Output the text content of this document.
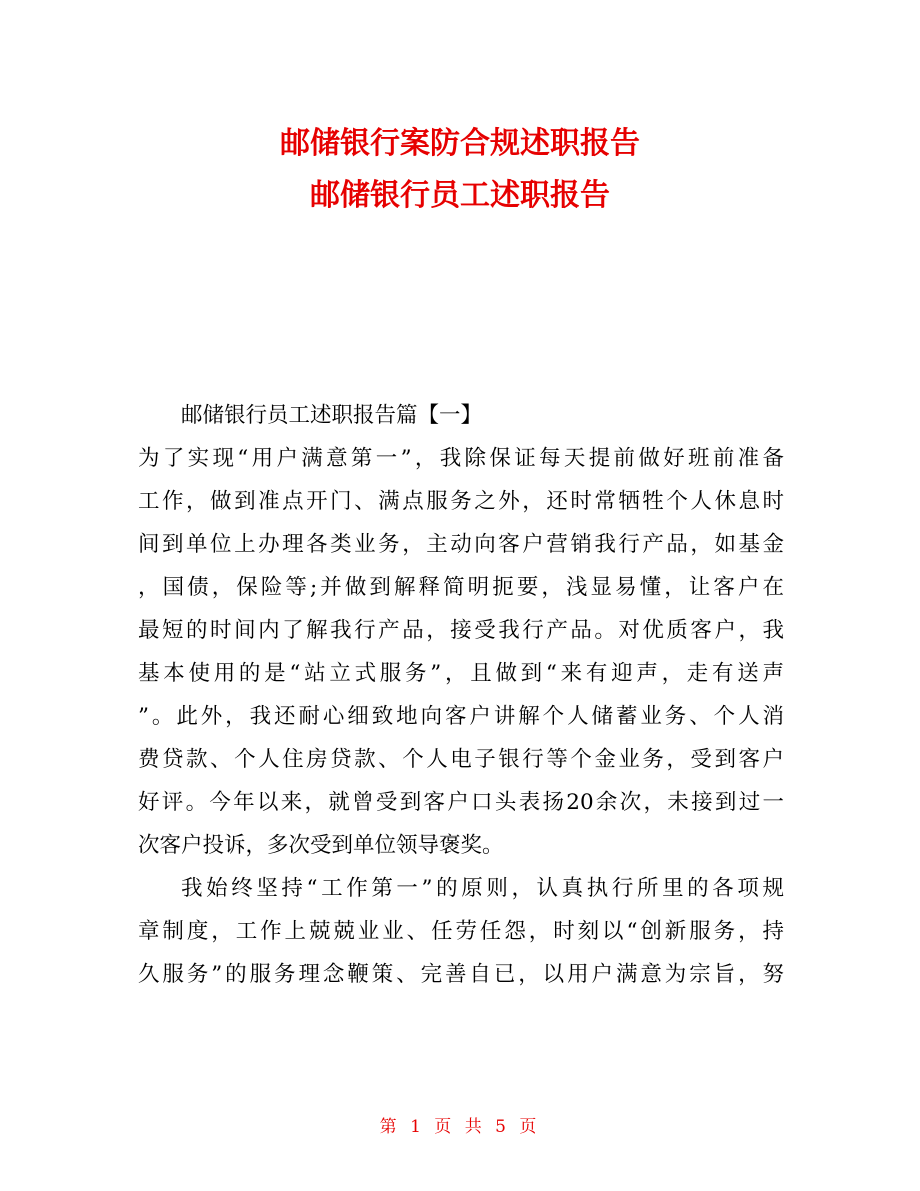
邮储银行案防合规述职报告
邮储银行员工述职报告
邮储银行员工述职报告篇【一】
为了实现“用户满意第一”，我除保证每天提前做好班前准备
工作，做到准点开门、满点服务之外，还时常牺牲个人休息时
间到单位上办理各类业务，主动向客户营销我行产品，如基金
，国债，保险等;并做到解释简明扼要，浅显易懂，让客户在
最短的时间内了解我行产品，接受我行产品。对优质客户，我
基本使用的是“站立式服务”，且做到“来有迎声，走有送声
”。此外，我还耐心细致地向客户讲解个人储蓄业务、个人消
费贷款、个人住房贷款、个人电子银行等个金业务，受到客户
好评。今年以来，就曾受到客户口头表扬20余次，未接到过一
次客户投诉，多次受到单位领导褒奖。
我始终坚持“工作第一”的原则，认真执行所里的各项规
章制度，工作上兢兢业业、任劳任怨，时刻以“创新服务，持
久服务”的服务理念鞭策、完善自已，以用户满意为宗旨，努
第 1 页 共 5 页
